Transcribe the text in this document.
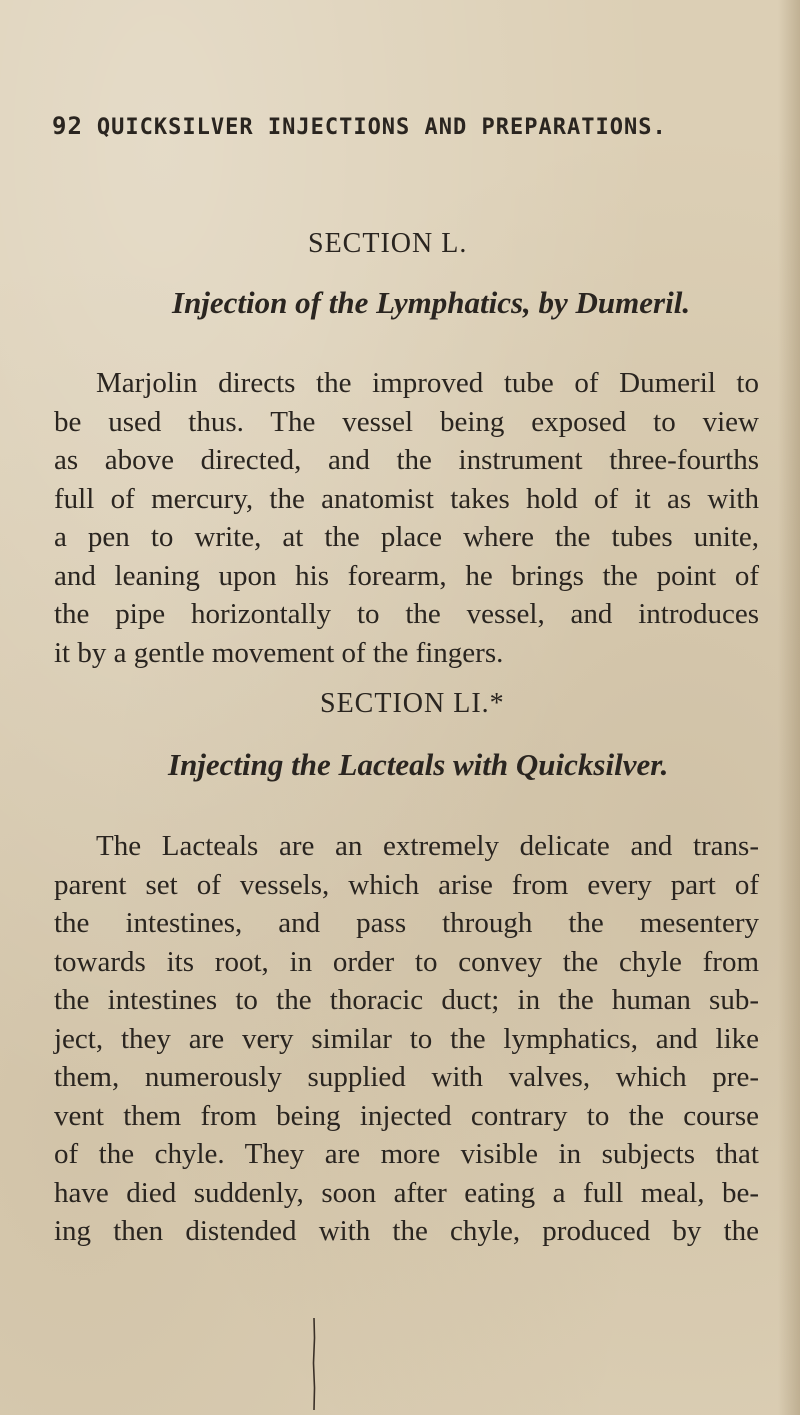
92 QUICKSILVER INJECTIONS AND PREPARATIONS.
SECTION L.
Injection of the Lymphatics, by Dumeril.
Marjolin directs the improved tube of Dumeril to
be used thus. The vessel being exposed to view
as above directed, and the instrument three-fourths
full of mercury, the anatomist takes hold of it as with
a pen to write, at the place where the tubes unite,
and leaning upon his forearm, he brings the point of
the pipe horizontally to the vessel, and introduces
it by a gentle movement of the fingers.
SECTION LI.*
Injecting the Lacteals with Quicksilver.
The Lacteals are an extremely delicate and trans-
parent set of vessels, which arise from every part of
the intestines, and pass through the mesentery
towards its root, in order to convey the chyle from
the intestines to the thoracic duct; in the human sub-
ject, they are very similar to the lymphatics, and like
them, numerously supplied with valves, which pre-
vent them from being injected contrary to the course
of the chyle. They are more visible in subjects that
have died suddenly, soon after eating a full meal, be-
ing then distended with the chyle, produced by the
